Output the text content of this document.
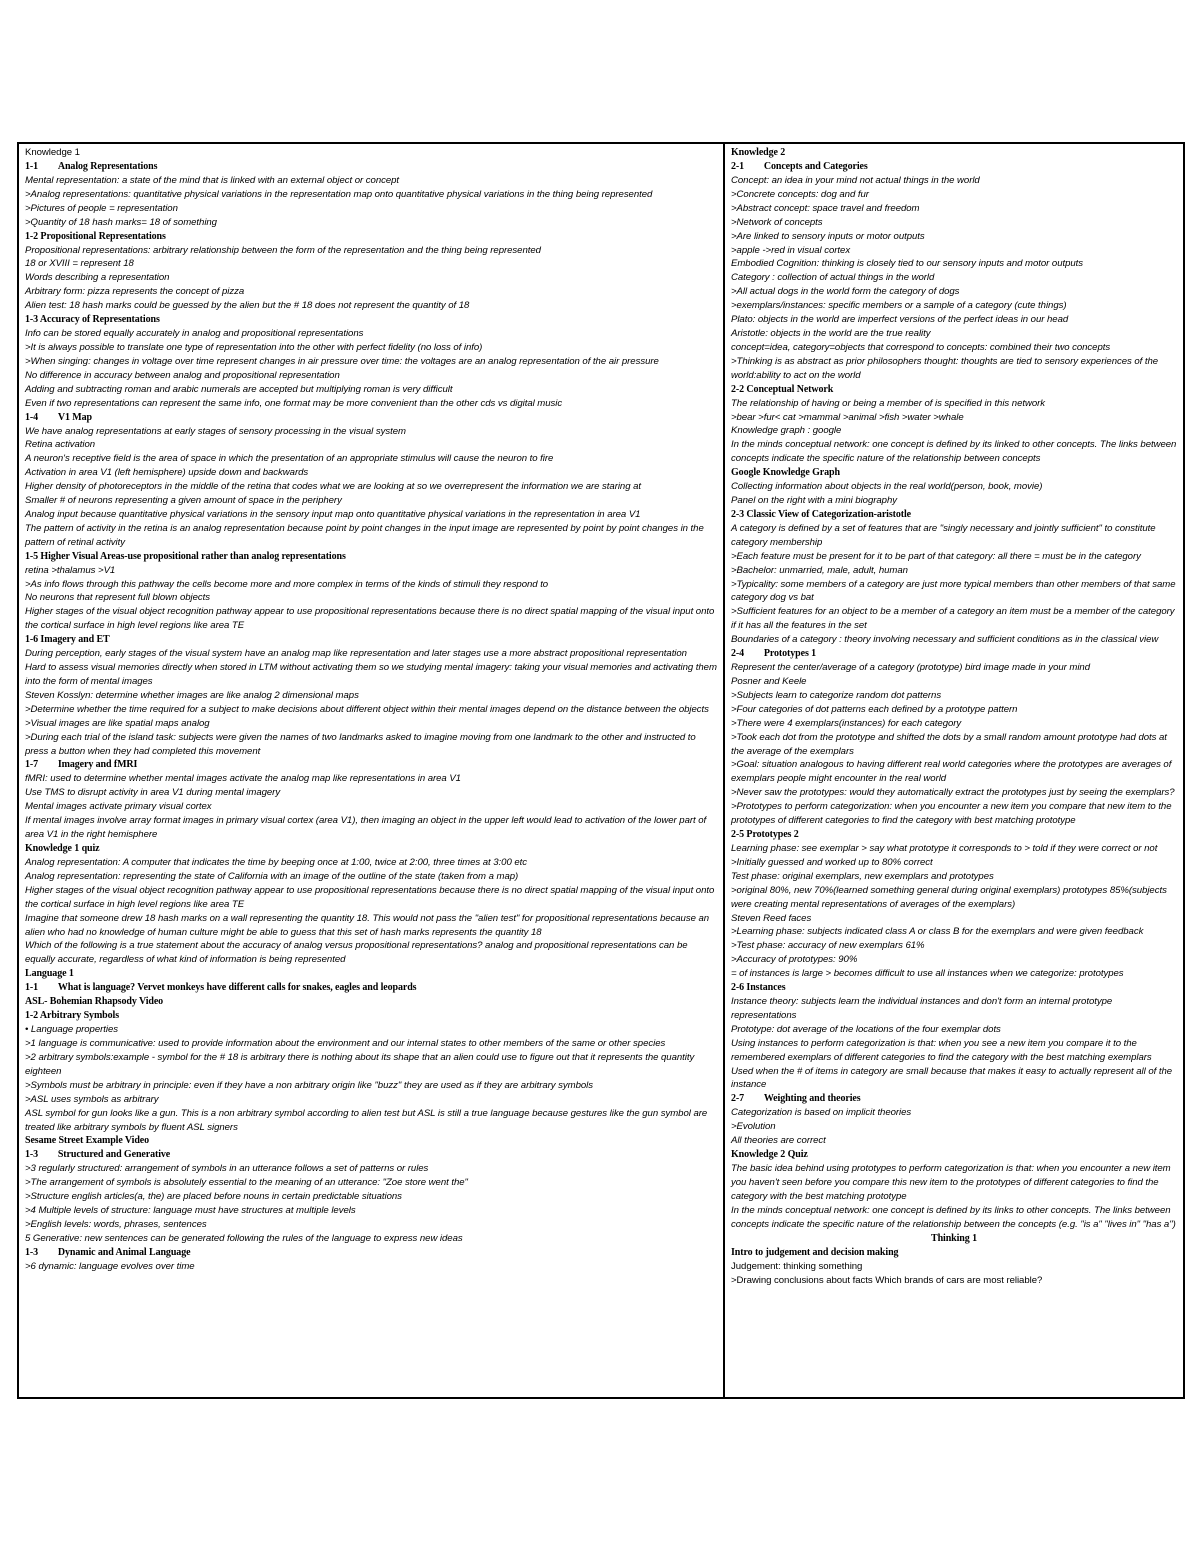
Knowledge 1
1-1  Analog Representations
Mental representation: a state of the mind that is linked with an external object or concept
>Analog representations: quantitative physical variations in the representation map onto quantitative physical variations in the thing being represented
>Pictures of people = representation
>Quantity of 18 hash marks= 18 of something
1-2 Propositional Representations
Propositional representations: arbitrary relationship between the form of the representation and the thing being represented
18 or XVIII = represent 18
Words describing a representation
Arbitrary form: pizza represents the concept of pizza
Alien test: 18 hash marks could be guessed by the alien but the # 18 does not represent the quantity of 18
1-3 Accuracy of Representations
Info can be stored equally accurately in analog and propositional representations
>It is always possible to translate one type of representation into the other with perfect fidelity (no loss of info)
>When singing: changes in voltage over time represent changes in air pressure over time: the voltages are an analog representation of the air pressure
No difference in accuracy between analog and propositional representation
Adding and subtracting roman and arabic numerals are accepted but multiplying roman is very difficult
Even if two representations can represent the same info, one format may be more convenient than the other cds vs digital music
1-4  V1 Map
We have analog representations at early stages of sensory processing in the visual system
Retina activation
A neuron's receptive field is the area of space in which the presentation of an appropriate stimulus will cause the neuron to fire
Activation in area V1 (left hemisphere) upside down and backwards
Higher density of photoreceptors in the middle of the retina that codes what we are looking at so we overrepresent the information we are staring at
Smaller # of neurons representing a given amount of space in the periphery
Analog input because quantitative physical variations in the sensory input map onto quantitative physical variations in the representation in area V1
The pattern of activity in the retina is an analog representation because point by point changes in the input image are represented by point by point changes in the pattern of retinal activity
1-5 Higher Visual Areas-use propositional rather than analog representations
retina >thalamus >V1
>As info flows through this pathway the cells become more and more complex in terms of the kinds of stimuli they respond to
No neurons that represent full blown objects
Higher stages of the visual object recognition pathway appear to use propositional representations because there is no direct spatial mapping of the visual input onto the cortical surface in high level regions like area TE
1-6 Imagery and ET
During perception, early stages of the visual system have an analog map like representation and later stages use a more abstract propositional representation
Hard to assess visual memories directly when stored in LTM without activating them so we studying mental imagery: taking your visual memories and activating them into the form of mental images
Steven Kosslyn: determine whether images are like analog 2 dimensional maps
>Determine whether the time required for a subject to make decisions about different object within their mental images depend on the distance between the objects
>Visual images are like spatial maps analog
>During each trial of the island task: subjects were given the names of two landmarks asked to imagine moving from one landmark to the other and instructed to press a button when they had completed this movement
1-7  Imagery and fMRI
fMRI: used to determine whether mental images activate the analog map like representations in area V1
Use TMS to disrupt activity in area V1 during mental imagery
Mental images activate primary visual cortex
If mental images involve array format images in primary visual cortex (area V1), then imaging an object in the upper left would lead to activation of the lower part of area V1 in the right hemisphere
Knowledge 1 quiz
Analog representation: A computer that indicates the time by beeping once at 1:00, twice at 2:00, three times at 3:00 etc
Analog representation: representing the state of California with an image of the outline of the state (taken from a map)
Higher stages of the visual object recognition pathway appear to use propositional representations because there is no direct spatial mapping of the visual input onto the cortical surface in high level regions like area TE
Imagine that someone drew 18 hash marks on a wall representing the quantity 18. This would not pass the "alien test" for propositional representations because an alien who had no knowledge of human culture might be able to guess that this set of hash marks represents the quantity 18
Which of the following is a true statement about the accuracy of analog versus propositional representations? analog and propositional representations can be equally accurate, regardless of what kind of information is being represented
Language 1
1-1  What is language? Vervet monkeys have different calls for snakes, eagles and leopards
ASL- Bohemian Rhapsody Video
1-2 Arbitrary Symbols
• Language properties
>1 language is communicative: used to provide information about the environment and our internal states to other members of the same or other species
>2 arbitrary symbols:example - symbol for the # 18 is arbitrary there is nothing about its shape that an alien could use to figure out that it represents the quantity eighteen
>Symbols must be arbitrary in principle: even if they have a non arbitrary origin like "buzz" they are used as if they are arbitrary symbols
>ASL uses symbols as arbitrary
ASL symbol for gun looks like a gun. This is a non arbitrary symbol according to alien test but ASL is still a true language because gestures like the gun symbol are treated like arbitrary symbols by fluent ASL signers
Sesame Street Example Video
1-3  Structured and Generative
>3 regularly structured: arrangement of symbols in an utterance follows a set of patterns or rules
>The arrangement of symbols is absolutely essential to the meaning of an utterance: "Zoe store went the"
>Structure english articles(a, the) are placed before nouns in certain predictable situations
>4 Multiple levels of structure: language must have structures at multiple levels
>English levels: words, phrases, sentences
5 Generative: new sentences can be generated following the rules of the language to express new ideas
1-3  Dynamic and Animal Language
>6 dynamic: language evolves over time
Knowledge 2
2-1  Concepts and Categories
Concept: an idea in your mind not actual things in the world
>Concrete concepts: dog and fur
>Abstract concept: space travel and freedom
>Network of concepts
>Are linked to sensory inputs or motor outputs
>apple ->red in visual cortex
Embodied Cognition: thinking is closely tied to our sensory inputs and motor outputs
Category : collection of actual things in the world
>All actual dogs in the world form the category of dogs
>exemplars/instances: specific members or a sample of a category (cute things)
Plato: objects in the world are imperfect versions of the perfect ideas in our head
Aristotle: objects in the world are the true reality
concept=idea, category=objects that correspond to concepts: combined their two concepts
>Thinking is as abstract as prior philosophers thought: thoughts are tied to sensory experiences of the world:ability to act on the world
2-2 Conceptual Network
The relationship of having or being a member of is specified in this network
>bear >fur< cat >mammal >animal >fish >water >whale
Knowledge graph : google
In the minds conceptual network: one concept is defined by its linked to other concepts. The links between concepts indicate the specific nature of the relationship between concepts
Google Knowledge Graph
Collecting information about objects in the real world(person, book, movie)
Panel on the right with a mini biography
2-3 Classic View of Categorization-aristotle
A category is defined by a set of features that are "singly necessary and jointly sufficient" to constitute category membership
>Each feature must be present for it to be part of that category: all there = must be in the category
>Bachelor: unmarried, male, adult, human
>Typicality: some members of a category are just more typical members than other members of that same category dog vs bat
>Sufficient features for an object to be a member of a category an item must be a member of the category if it has all the features in the set
Boundaries of a category : theory involving necessary and sufficient conditions as in the classical view
2-4  Prototypes 1
Represent the center/average of a category (prototype) bird image made in your mind
Posner and Keele
>Subjects learn to categorize random dot patterns
>Four categories of dot patterns each defined by a prototype pattern
>There were 4 exemplars(instances) for each category
>Took each dot from the prototype and shifted the dots by a small random amount prototype had dots at the average of the exemplars
>Goal: situation analogous to having different real world categories where the prototypes are averages of exemplars people might encounter in the real world
>Never saw the prototypes: would they automatically extract the prototypes just by seeing the exemplars?
>Prototypes to perform categorization: when you encounter a new item you compare that new item to the prototypes of different categories to find the category with best matching prototype
2-5 Prototypes 2
Learning phase: see exemplar > say what prototype it corresponds to > told if they were correct or not
>Initially guessed and worked up to 80% correct
Test phase: original exemplars, new exemplars and prototypes
>original 80%, new 70%(learned something general during original exemplars) prototypes 85%(subjects were creating mental representations of averages of the exemplars)
Steven Reed faces
>Learning phase: subjects indicated class A or class B for the exemplars and were given feedback
>Test phase: accuracy of new exemplars 61%
>Accuracy of prototypes: 90%
= of instances is large > becomes difficult to use all instances when we categorize: prototypes
2-6 Instances
Instance theory: subjects learn the individual instances and don't form an internal prototype representations
Prototype: dot average of the locations of the four exemplar dots
Using instances to perform categorization is that: when you see a new item you compare it to the remembered exemplars of different categories to find the category with the best matching exemplars
Used when the # of items in category are small because that makes it easy to actually represent all of the instance
2-7  Weighting and theories
Categorization is based on implicit theories
>Evolution
All theories are correct
Knowledge 2 Quiz
The basic idea behind using prototypes to perform categorization is that: when you encounter a new item you haven't seen before you compare this new item to the prototypes of different categories to find the category with the best matching prototype
In the minds conceptual network: one concept is defined by its links to other concepts. The links between concepts indicate the specific nature of the relationship between the concepts (e.g. "is a" "lives in" "has a")
Thinking 1
Intro to judgement and decision making
Judgement: thinking something
>Drawing conclusions about facts Which brands of cars are most reliable?
